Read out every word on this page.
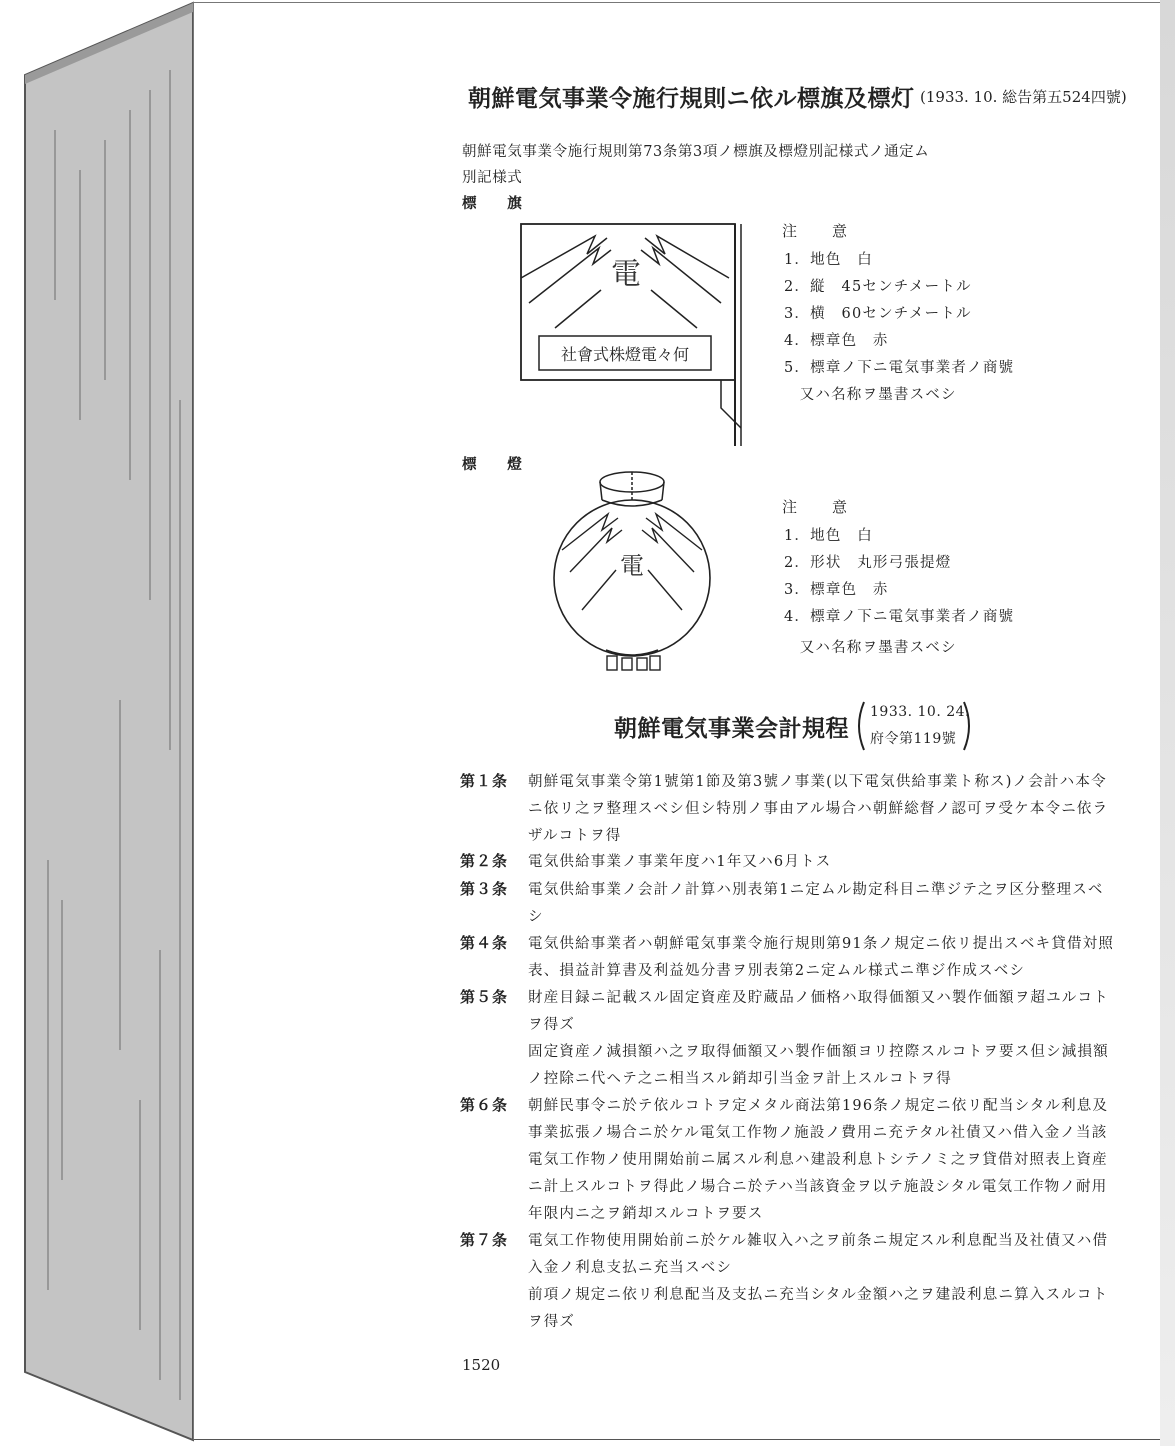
朝鮮電気事業令施行規則ニ依ル標旗及標灯 (1933. 10. 総告第五524四號)
朝鮮電気事業令施行規則第73条第3項ノ標旗及標燈別記様式ノ通定ム
別記様式
標　　旗
電
社會式株燈電々何
注　意
1．地色　白
2．縦　45センチメートル
3．横　60センチメートル
4．標章色　赤
5．標章ノ下ニ電気事業者ノ商號
　又ハ名称ヲ墨書スベシ
標　　燈
電
注　意
1．地色　白
2．形状　丸形弓張提燈
3．標章色　赤
4．標章ノ下ニ電気事業者ノ商號
　又ハ名称ヲ墨書スベシ
朝鮮電気事業会計規程
1933. 10. 24.
府令第119號
第１条 朝鮮電気事業令第1號第1節及第3號ノ事業(以下電気供給事業ト称ス)ノ会計ハ本令
ニ依リ之ヲ整理スベシ但シ特別ノ事由アル場合ハ朝鮮総督ノ認可ヲ受ケ本令ニ依ラ
ザルコトヲ得
第２条 電気供給事業ノ事業年度ハ1年又ハ6月トス
第３条 電気供給事業ノ会計ノ計算ハ別表第1ニ定ムル勘定科目ニ準ジテ之ヲ区分整理スベ
シ
第４条 電気供給事業者ハ朝鮮電気事業令施行規則第91条ノ規定ニ依リ提出スベキ貸借対照
表、損益計算書及利益処分書ヲ別表第2ニ定ムル様式ニ準ジ作成スベシ
第５条 財産目録ニ記載スル固定資産及貯蔵品ノ価格ハ取得価額又ハ製作価額ヲ超ユルコト
ヲ得ズ
固定資産ノ減損額ハ之ヲ取得価額又ハ製作価額ヨリ控際スルコトヲ要ス但シ減損額
ノ控除ニ代ヘテ之ニ相当スル銷却引当金ヲ計上スルコトヲ得
第６条 朝鮮民事令ニ於テ依ルコトヲ定メタル商法第196条ノ規定ニ依リ配当シタル利息及
事業拡張ノ場合ニ於ケル電気工作物ノ施設ノ費用ニ充テタル社債又ハ借入金ノ当該
電気工作物ノ使用開始前ニ属スル利息ハ建設利息トシテノミ之ヲ貸借対照表上資産
ニ計上スルコトヲ得此ノ場合ニ於テハ当該資金ヲ以テ施設シタル電気工作物ノ耐用
年限内ニ之ヲ銷却スルコトヲ要ス
第７条 電気工作物使用開始前ニ於ケル雑収入ハ之ヲ前条ニ規定スル利息配当及社債又ハ借
入金ノ利息支払ニ充当スベシ
前項ノ規定ニ依リ利息配当及支払ニ充当シタル金額ハ之ヲ建設利息ニ算入スルコト
ヲ得ズ
1520
